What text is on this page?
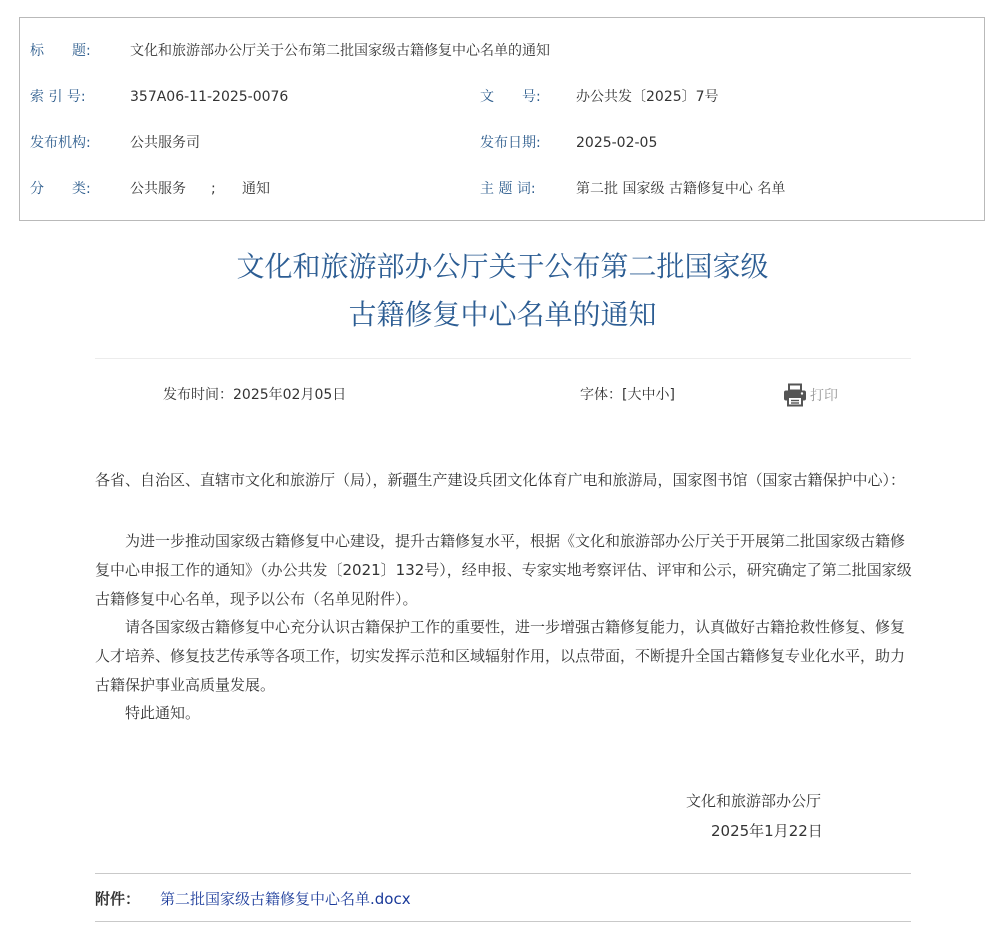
标　　题:	文化和旅游部办公厅关于公布第二批国家级古籍修复中心名单的通知
索 引 号:	357A06-11-2025-0076	文　　号:	办公共发〔2025〕7号
发布机构:	公共服务司	发布日期:	2025-02-05
分　　类:	公共服务 ; 通知	主 题 词:	第二批 国家级 古籍修复中心 名单
文化和旅游部办公厅关于公布第二批国家级
古籍修复中心名单的通知
发布时间：2025年02月05日	字体：[大中小]	打印

各省、自治区、直辖市文化和旅游厅（局），新疆生产建设兵团文化体育广电和旅游局，国家图书馆（国家古籍保护中心）：

为进一步推动国家级古籍修复中心建设，提升古籍修复水平，根据《文化和旅游部办公厅关于开展第二批国家级古籍修复中心申报工作的通知》（办公共发〔2021〕132号），经申报、专家实地考察评估、评审和公示，研究确定了第二批国家级古籍修复中心名单，现予以公布（名单见附件）。

请各国家级古籍修复中心充分认识古籍保护工作的重要性，进一步增强古籍修复能力，认真做好古籍抢救性修复、修复人才培养、修复技艺传承等各项工作，切实发挥示范和区域辐射作用，以点带面，不断提升全国古籍修复专业化水平，助力古籍保护事业高质量发展。

特此通知。

文化和旅游部办公厅
2025年1月22日
附件： 第二批国家级古籍修复中心名单.docx
